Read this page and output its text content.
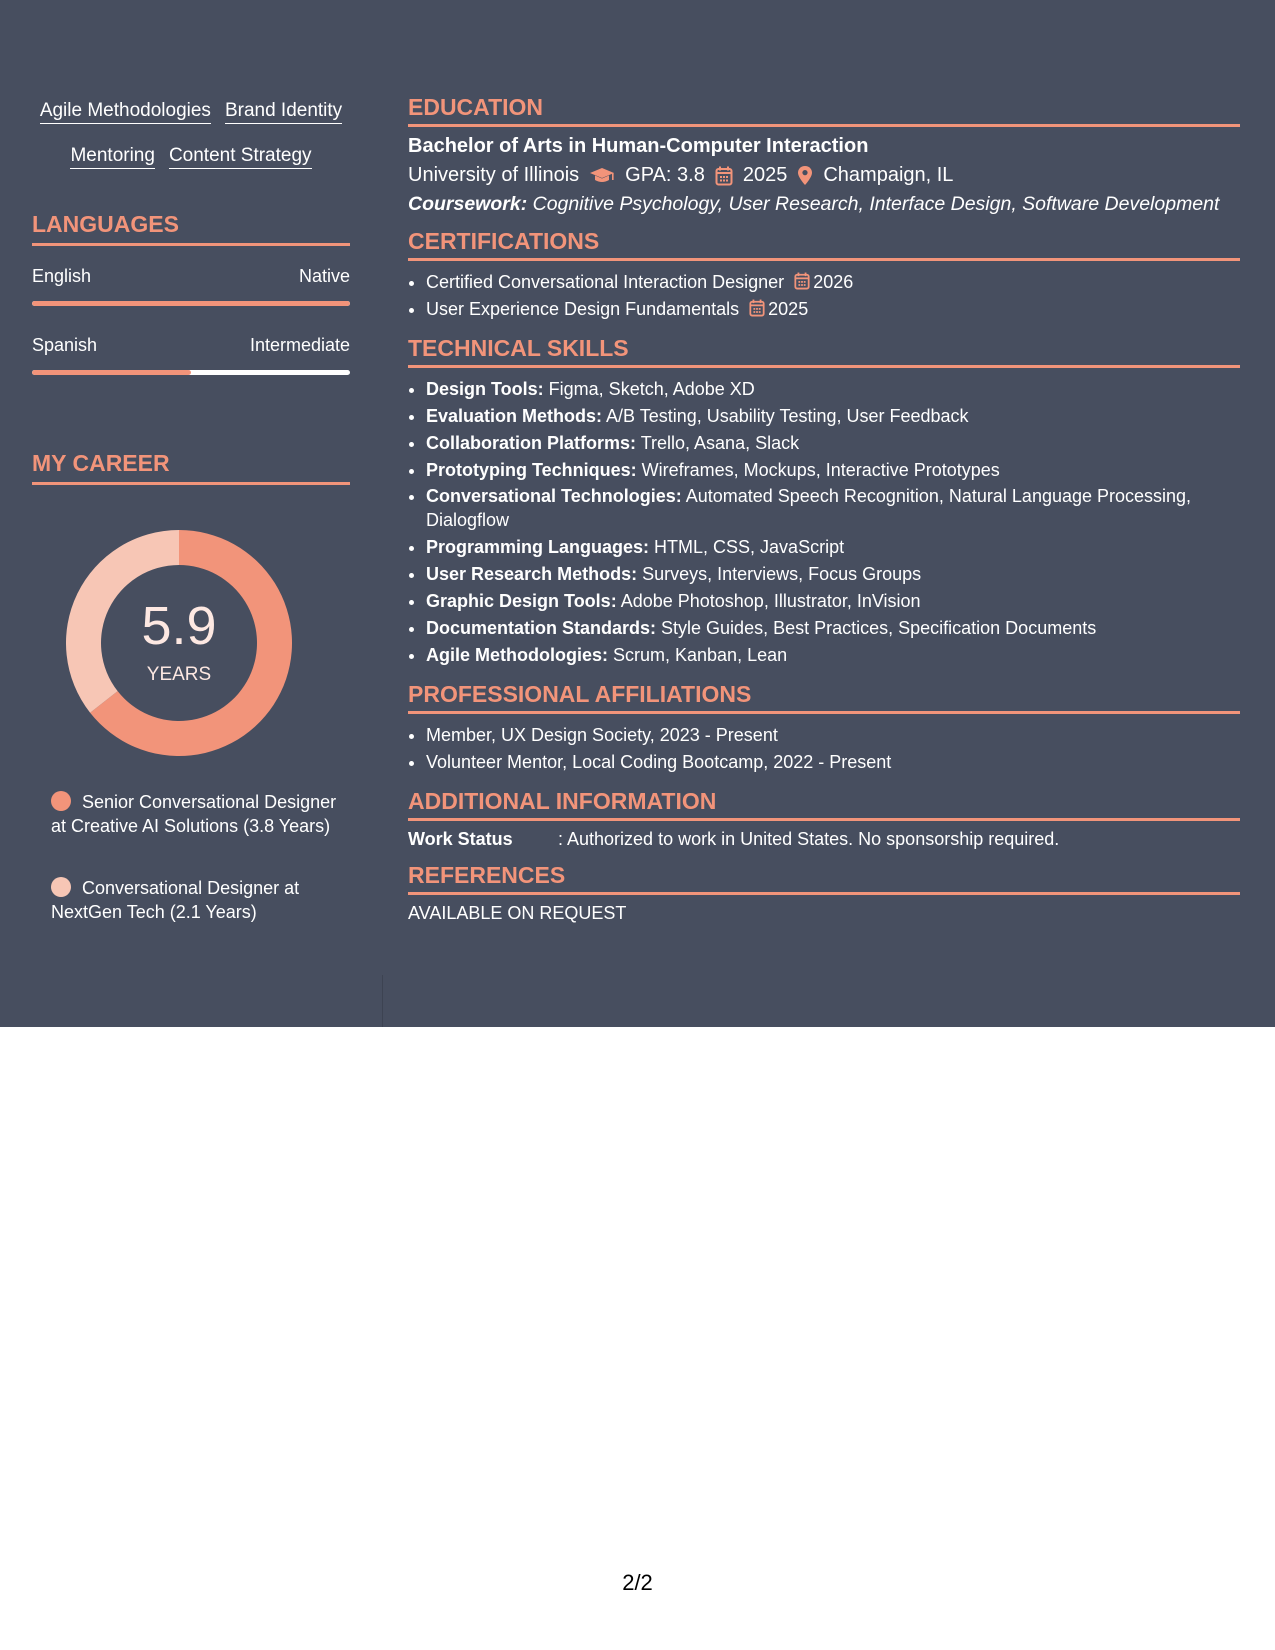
Agile Methodologies Brand Identity
Mentoring Content Strategy
LANGUAGES
English	Native
Spanish	Intermediate
MY CAREER
5.9
YEARS
Senior Conversational Designer at Creative AI Solutions (3.8 Years)
Conversational Designer at NextGen Tech (2.1 Years)
EDUCATION
Bachelor of Arts in Human-Computer Interaction
University of Illinois GPA: 3.8 2025 Champaign, IL
Coursework: Cognitive Psychology, User Research, Interface Design, Software Development
CERTIFICATIONS
• Certified Conversational Interaction Designer 2026
• User Experience Design Fundamentals 2025
TECHNICAL SKILLS
• Design Tools: Figma, Sketch, Adobe XD
• Evaluation Methods: A/B Testing, Usability Testing, User Feedback
• Collaboration Platforms: Trello, Asana, Slack
• Prototyping Techniques: Wireframes, Mockups, Interactive Prototypes
• Conversational Technologies: Automated Speech Recognition, Natural Language Processing, Dialogflow
• Programming Languages: HTML, CSS, JavaScript
• User Research Methods: Surveys, Interviews, Focus Groups
• Graphic Design Tools: Adobe Photoshop, Illustrator, InVision
• Documentation Standards: Style Guides, Best Practices, Specification Documents
• Agile Methodologies: Scrum, Kanban, Lean
PROFESSIONAL AFFILIATIONS
• Member, UX Design Society, 2023 - Present
• Volunteer Mentor, Local Coding Bootcamp, 2022 - Present
ADDITIONAL INFORMATION
Work Status	: Authorized to work in United States. No sponsorship required.
REFERENCES
AVAILABLE ON REQUEST
2/2
